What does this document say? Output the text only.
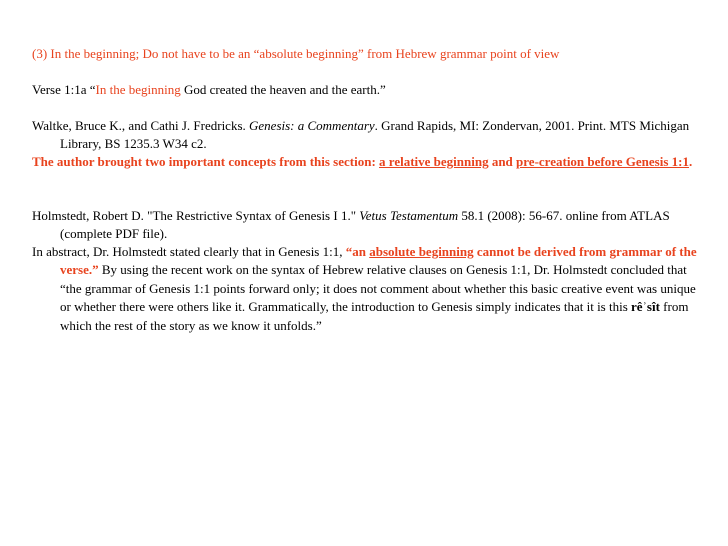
(3) In the beginning; Do not have to be an “absolute beginning” from Hebrew grammar point of view
Verse 1:1a “In the beginning God created the heaven and the earth.”
Waltke, Bruce K., and Cathi J. Fredricks. Genesis: a Commentary. Grand Rapids, MI: Zondervan, 2001. Print. MTS Michigan Library, BS 1235.3 W34 c2.
The author brought two important concepts from this section: a relative beginning and pre-creation before Genesis 1:1.
Holmstedt, Robert D. "The Restrictive Syntax of Genesis I 1." Vetus Testamentum 58.1 (2008): 56-67. online from ATLAS (complete PDF file).
In abstract, Dr. Holmstedt stated clearly that in Genesis 1:1, “an absolute beginning cannot be derived from grammar of the verse.” By using the recent work on the syntax of Hebrew relative clauses on Genesis 1:1, Dr. Holmstedt concluded that “the grammar of Genesis 1:1 points forward only; it does not comment about whether this basic creative event was unique or whether there were others like it. Grammatically, the introduction to Genesis simply indicates that it is this rêʾsît from which the rest of the story as we know it unfolds.”
